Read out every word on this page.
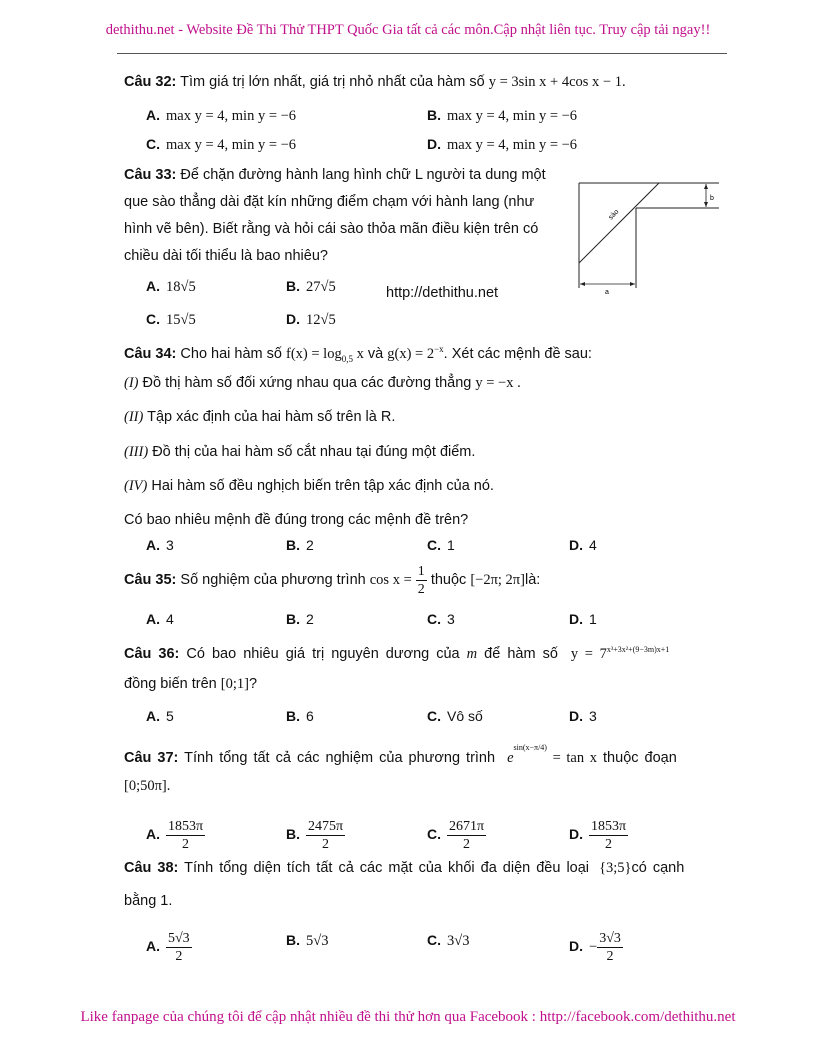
dethithu.net - Website Đề Thi Thử THPT Quốc Gia tất cả các môn.Cập nhật liên tục. Truy cập tải ngay!!
Câu 32: Tìm giá trị lớn nhất, giá trị nhỏ nhất của hàm số y = 3sin x + 4cos x − 1.
A. max y = 4, min y = −6	B. max y = 4, min y = −6
C. max y = 4, min y = −6	D. max y = 4, min y = −6
Câu 33: Để chặn đường hành lang hình chữ L người ta dung một
que sào thẳng dài đặt kín những điểm chạm với hành lang (như
hình vẽ bên). Biết rằng và hỏi cái sào thỏa mãn điều kiện trên có
chiều dài tối thiểu là bao nhiêu?
A. 18√5	B. 27√5
C. 15√5	D. 12√5
http://dethithu.net
b
a
sào
Câu 34: Cho hai hàm số $f(x) = \log_{0,5} x$ và $g(x) = 2^{-x}$. Xét các mệnh đề sau:
(I) Đồ thị hàm số đối xứng nhau qua các đường thẳng y = −x .
(II) Tập xác định của hai hàm số trên là R.
(III) Đồ thị của hai hàm số cắt nhau tại đúng một điểm.
(IV) Hai hàm số đều nghịch biến trên tập xác định của nó.
Có bao nhiêu mệnh đề đúng trong các mệnh đề trên?
A. 3	B. 2	C. 1	D. 4
Câu 35: Số nghiệm của phương trình $\cos x = \frac{1}{2}$ thuộc [−2π; 2π]là:
A. 4	B. 2	C. 3	D. 1
Câu 36: Có bao nhiêu giá trị nguyên dương của m để hàm số $y = 7^{x^3+3x^2+(9-3m)x+1}$
đồng biến trên [0;1]?
A. 5	B. 6	C. Vô số	D. 3
Câu 37: Tính tổng tất cả các nghiệm của phương trình $e^{sin(x-\pi/4)} = \tan x$ thuộc đoạn
[0;50π].
A. $\frac{1853\pi}{2}$	B. $\frac{2475\pi}{2}$	C. $\frac{2671\pi}{2}$	D. $\frac{1853\pi}{2}$
Câu 38: Tính tổng diện tích tất cả các mặt của khối đa diện đều loại {3;5}có cạnh
bằng 1.
A. $\frac{5√3}{2}$	B. 5√3	C. 3√3	D. − $\frac{3√3}{2}$
Like fanpage của chúng tôi để cập nhật nhiều đề thi thử hơn qua Facebook : http://facebook.com/dethithu.net
